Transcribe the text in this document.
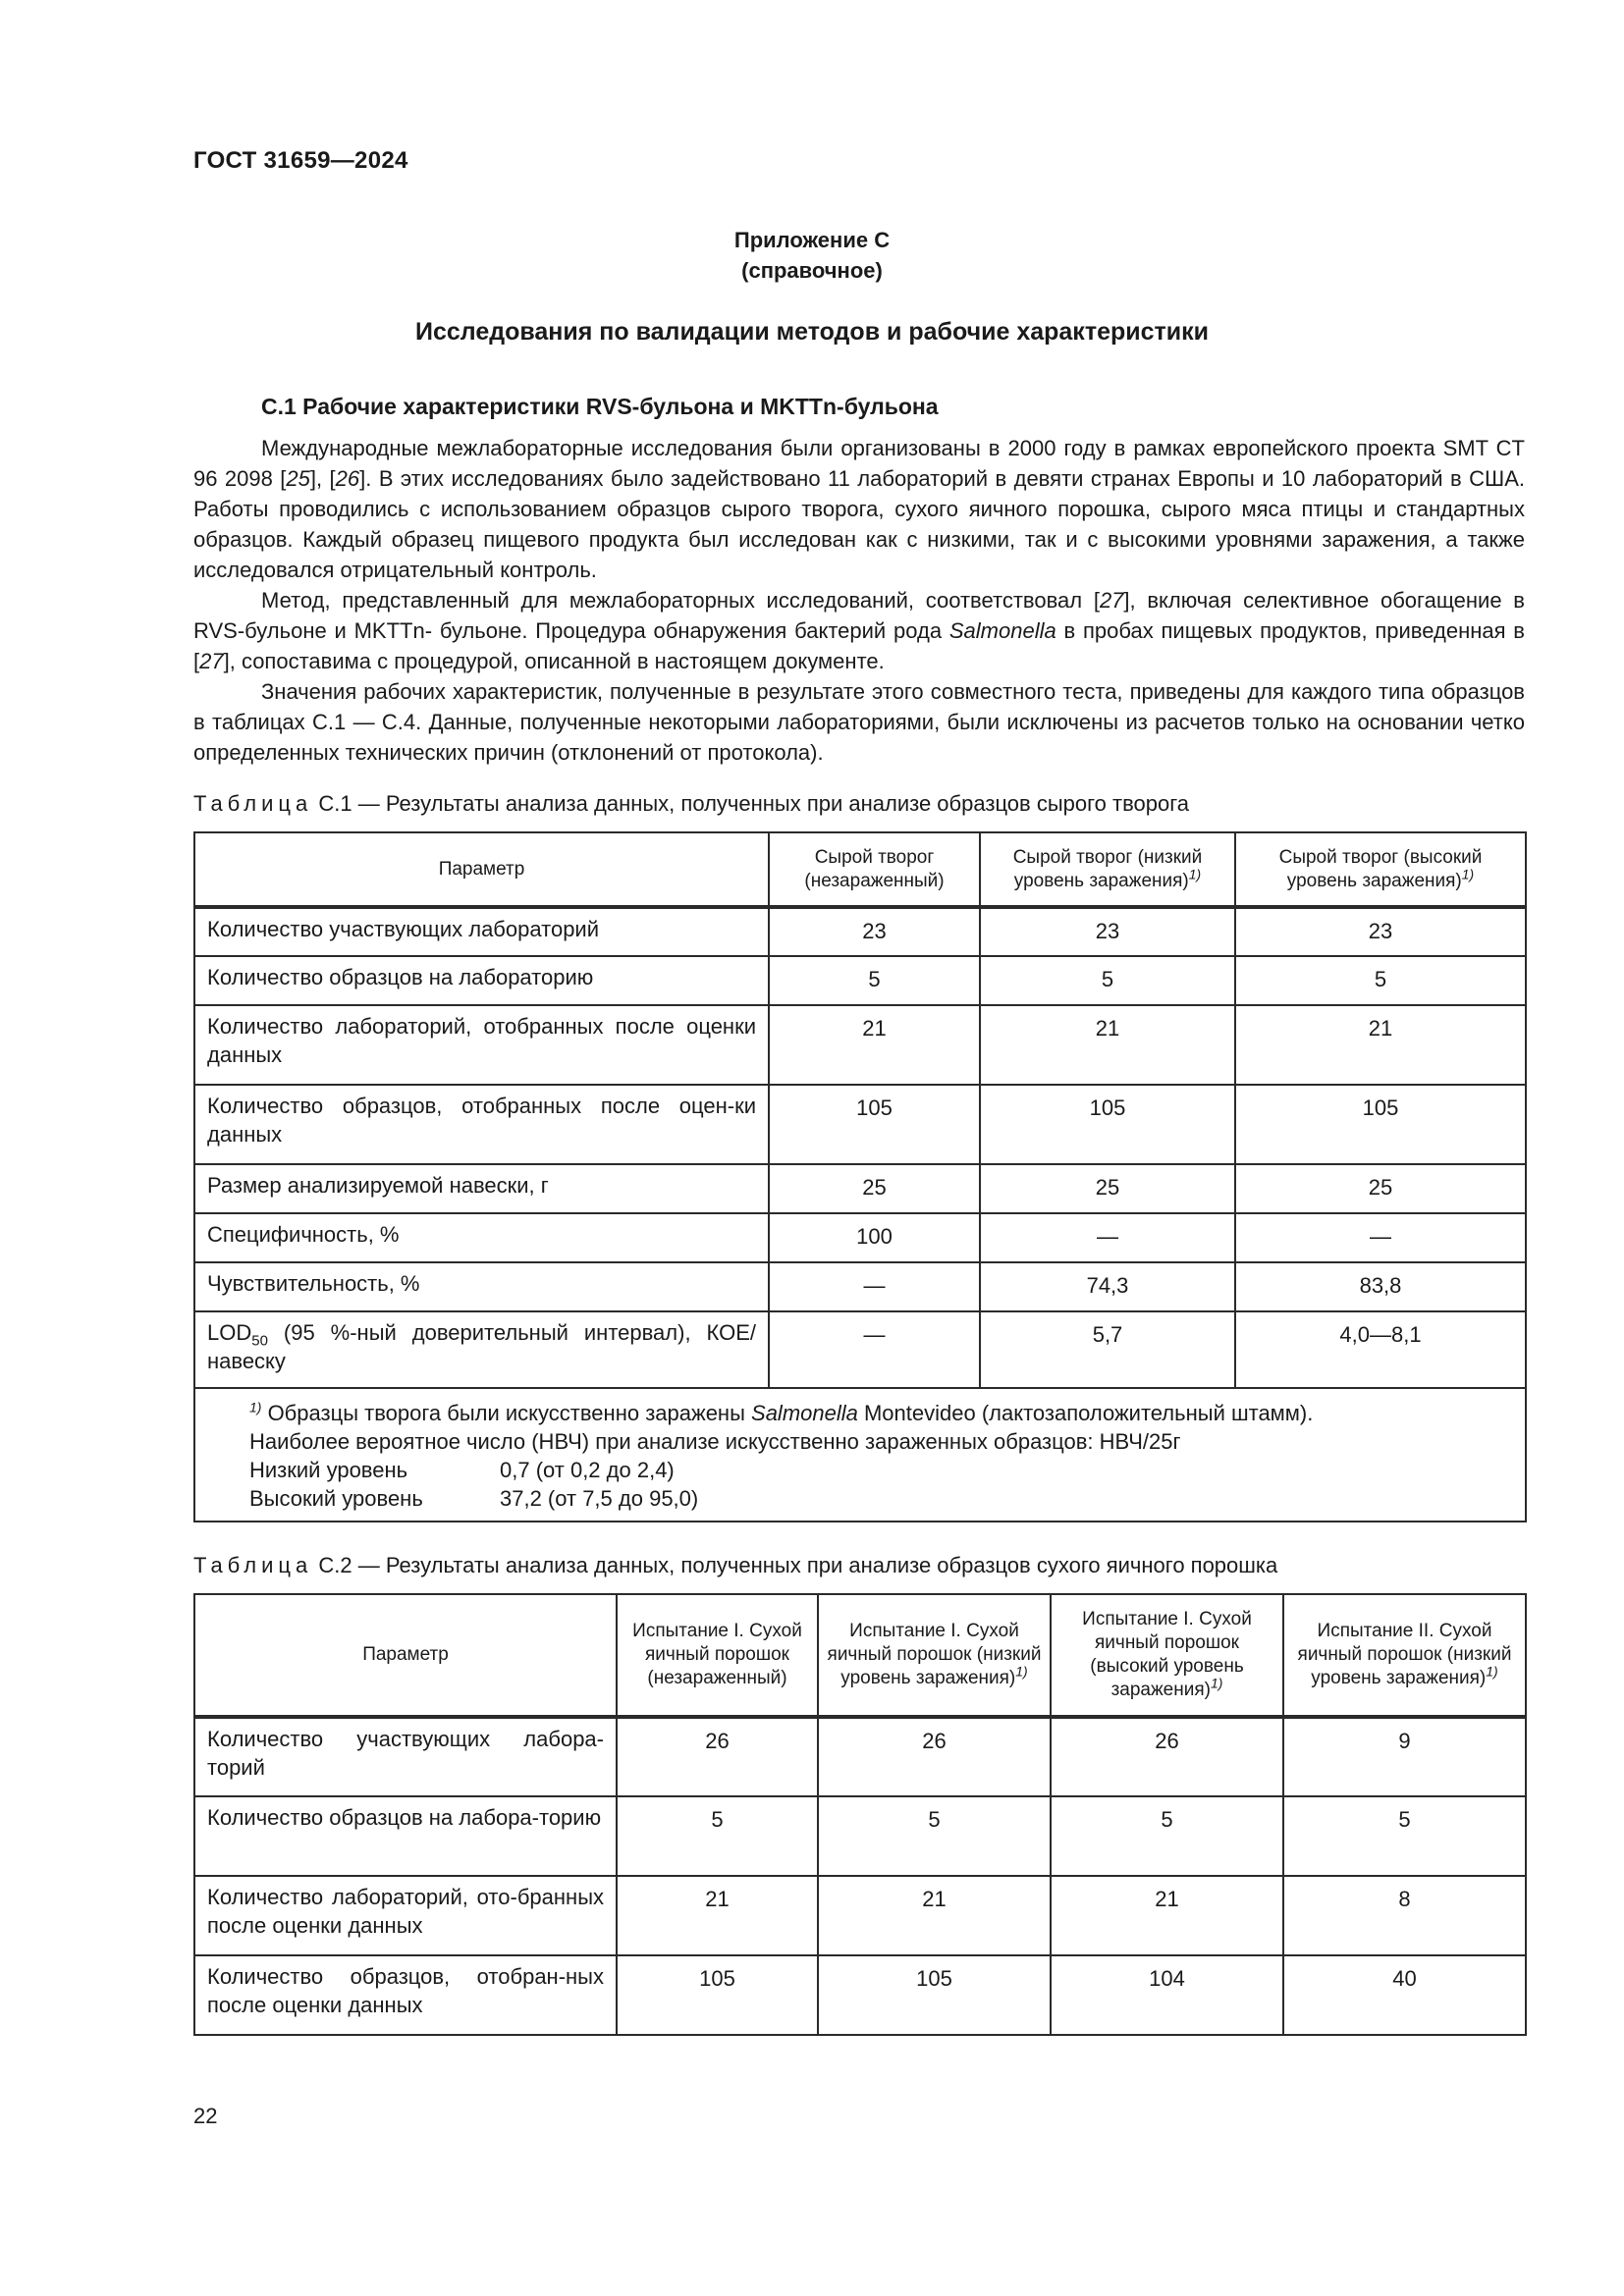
ГОСТ 31659—2024
Приложение С
(справочное)
Исследования по валидации методов и рабочие характеристики
С.1 Рабочие характеристики RVS-бульона и MKTTn-бульона

Международные межлабораторные исследования были организованы в 2000 году в рамках европейского проекта SMT CT 96 2098 [25], [26]. В этих исследованиях было задействовано 11 лабораторий в девяти странах Европы и 10 лабораторий в США. Работы проводились с использованием образцов сырого творога, сухого яичного порошка, сырого мяса птицы и стандартных образцов. Каждый образец пищевого продукта был исследован как с низкими, так и с высокими уровнями заражения, а также исследовался отрицательный контроль.

Метод, представленный для межлабораторных исследований, соответствовал [27], включая селективное обогащение в RVS-бульоне и MKTTn- бульоне. Процедура обнаружения бактерий рода Salmonella в пробах пищевых продуктов, приведенная в [27], сопоставима с процедурой, описанной в настоящем документе.

Значения рабочих характеристик, полученные в результате этого совместного теста, приведены для каждого типа образцов в таблицах С.1 — С.4. Данные, полученные некоторыми лабораториями, были исключены из расчетов только на основании четко определенных технических причин (отклонений от протокола).

Таблица С.1 — Результаты анализа данных, полученных при анализе образцов сырого творога
Параметр	Сырой творог (незараженный)	Сырой творог (низкий уровень заражения)$^{1)}$	Сырой творог (высокий уровень заражения)$^{1)}$
Количество участвующих лабораторий	23	23	23
Количество образцов на лабораторию	5	5	5
Количество лабораторий, отобранных после оценки данных	21	21	21
Количество образцов, отобранных после оцен-ки данных	105	105	105
Размер анализируемой навески, г	25	25	25
Специфичность, %	100	—	—
Чувствительность, %	—	74,3	83,8
$LOD_{50}$ (95 %-ный доверительный интервал), КОЕ/навеску	—	5,7	4,0—8,1

$^{1)}$ Образцы творога были искусственно заражены Salmonella Montevideo (лактозаположительный штамм).
Наиболее вероятное число (НВЧ) при анализе искусственно зараженных образцов: НВЧ/25г
Низкий уровень 0,7 (от 0,2 до 2,4)
Высокий уровень 37,2 (от 7,5 до 95,0)			
Таблица С.2 — Результаты анализа данных, полученных при анализе образцов сухого яичного порошка
Параметр	Испытание I. Сухой яичный порошок (незараженный)	Испытание I. Сухой яичный порошок (низкий уровень заражения)$^{1)}$	Испытание I. Сухой яичный порошок (высокий уровень заражения)$^{1)}$	Испытание II. Сухой яичный порошок (низкий уровень заражения)$^{1)}$
Количество участвующих лабора-торий	26	26	26	9
Количество образцов на лабора-торию	5	5	5	5
Количество лабораторий, ото-бранных после оценки данных	21	21	21	8
Количество образцов, отобран-ных после оценки данных	105	105	104	40
22
